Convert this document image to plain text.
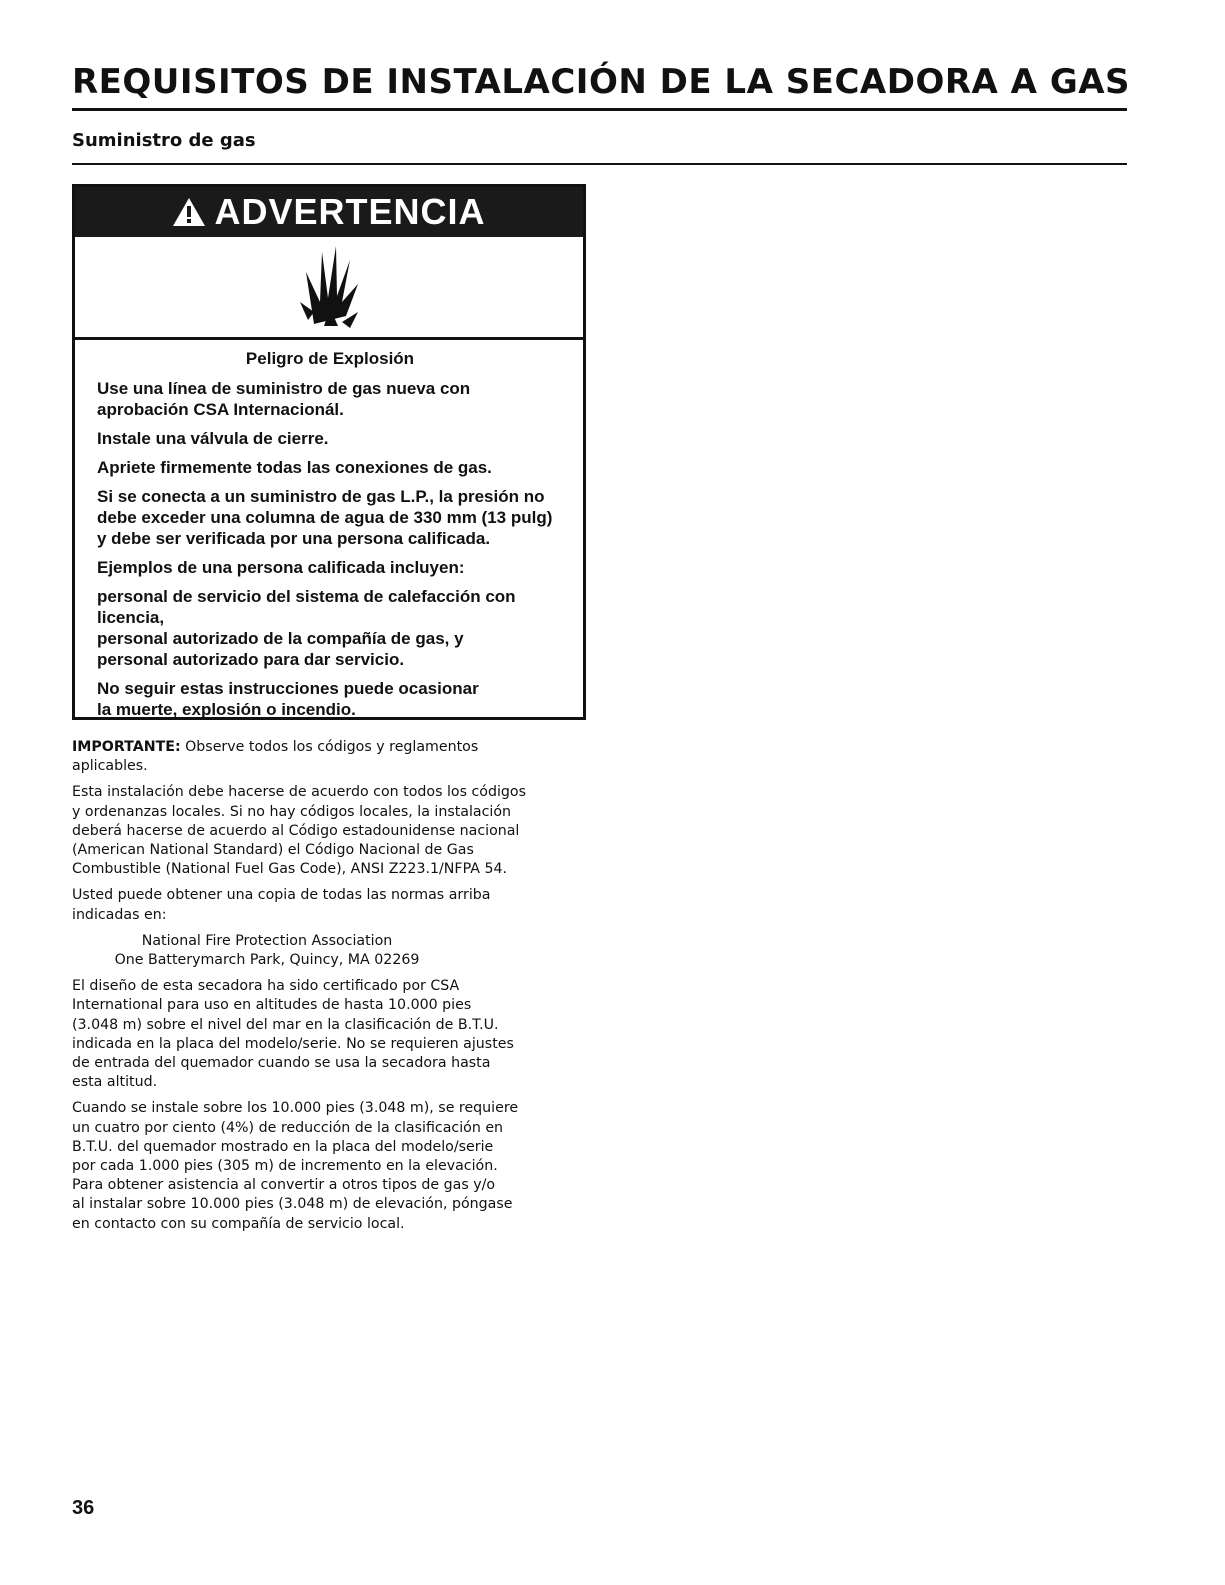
REQUISITOS DE INSTALACIÓN DE LA SECADORA A GAS
Suministro de gas
ADVERTENCIA
Peligro de Explosión
Use una línea de suministro de gas nueva con
aprobación CSA Internacionál.
Instale una válvula de cierre.
Apriete firmemente todas las conexiones de gas.
Si se conecta a un suministro de gas L.P., la presión no
debe exceder una columna de agua de 330 mm (13 pulg)
y debe ser verificada por una persona calificada.
Ejemplos de una persona calificada incluyen:
personal de servicio del sistema de calefacción con
licencia,
personal autorizado de la compañía de gas, y
personal autorizado para dar servicio.
No seguir estas instrucciones puede ocasionar
la muerte, explosión o incendio.
IMPORTANTE: Observe todos los códigos y reglamentos
aplicables.
Esta instalación debe hacerse de acuerdo con todos los códigos
y ordenanzas locales. Si no hay códigos locales, la instalación
deberá hacerse de acuerdo al Código estadounidense nacional
(American National Standard) el Código Nacional de Gas
Combustible (National Fuel Gas Code), ANSI Z223.1/NFPA 54.
Usted puede obtener una copia de todas las normas arriba
indicadas en:
National Fire Protection Association
One Batterymarch Park, Quincy, MA 02269
El diseño de esta secadora ha sido certificado por CSA
International para uso en altitudes de hasta 10.000 pies
(3.048 m) sobre el nivel del mar en la clasificación de B.T.U.
indicada en la placa del modelo/serie. No se requieren ajustes
de entrada del quemador cuando se usa la secadora hasta
esta altitud.
Cuando se instale sobre los 10.000 pies (3.048 m), se requiere
un cuatro por ciento (4%) de reducción de la clasificación en
B.T.U. del quemador mostrado en la placa del modelo/serie
por cada 1.000 pies (305 m) de incremento en la elevación.
Para obtener asistencia al convertir a otros tipos de gas y/o
al instalar sobre 10.000 pies (3.048 m) de elevación, póngase
en contacto con su compañía de servicio local.
36
